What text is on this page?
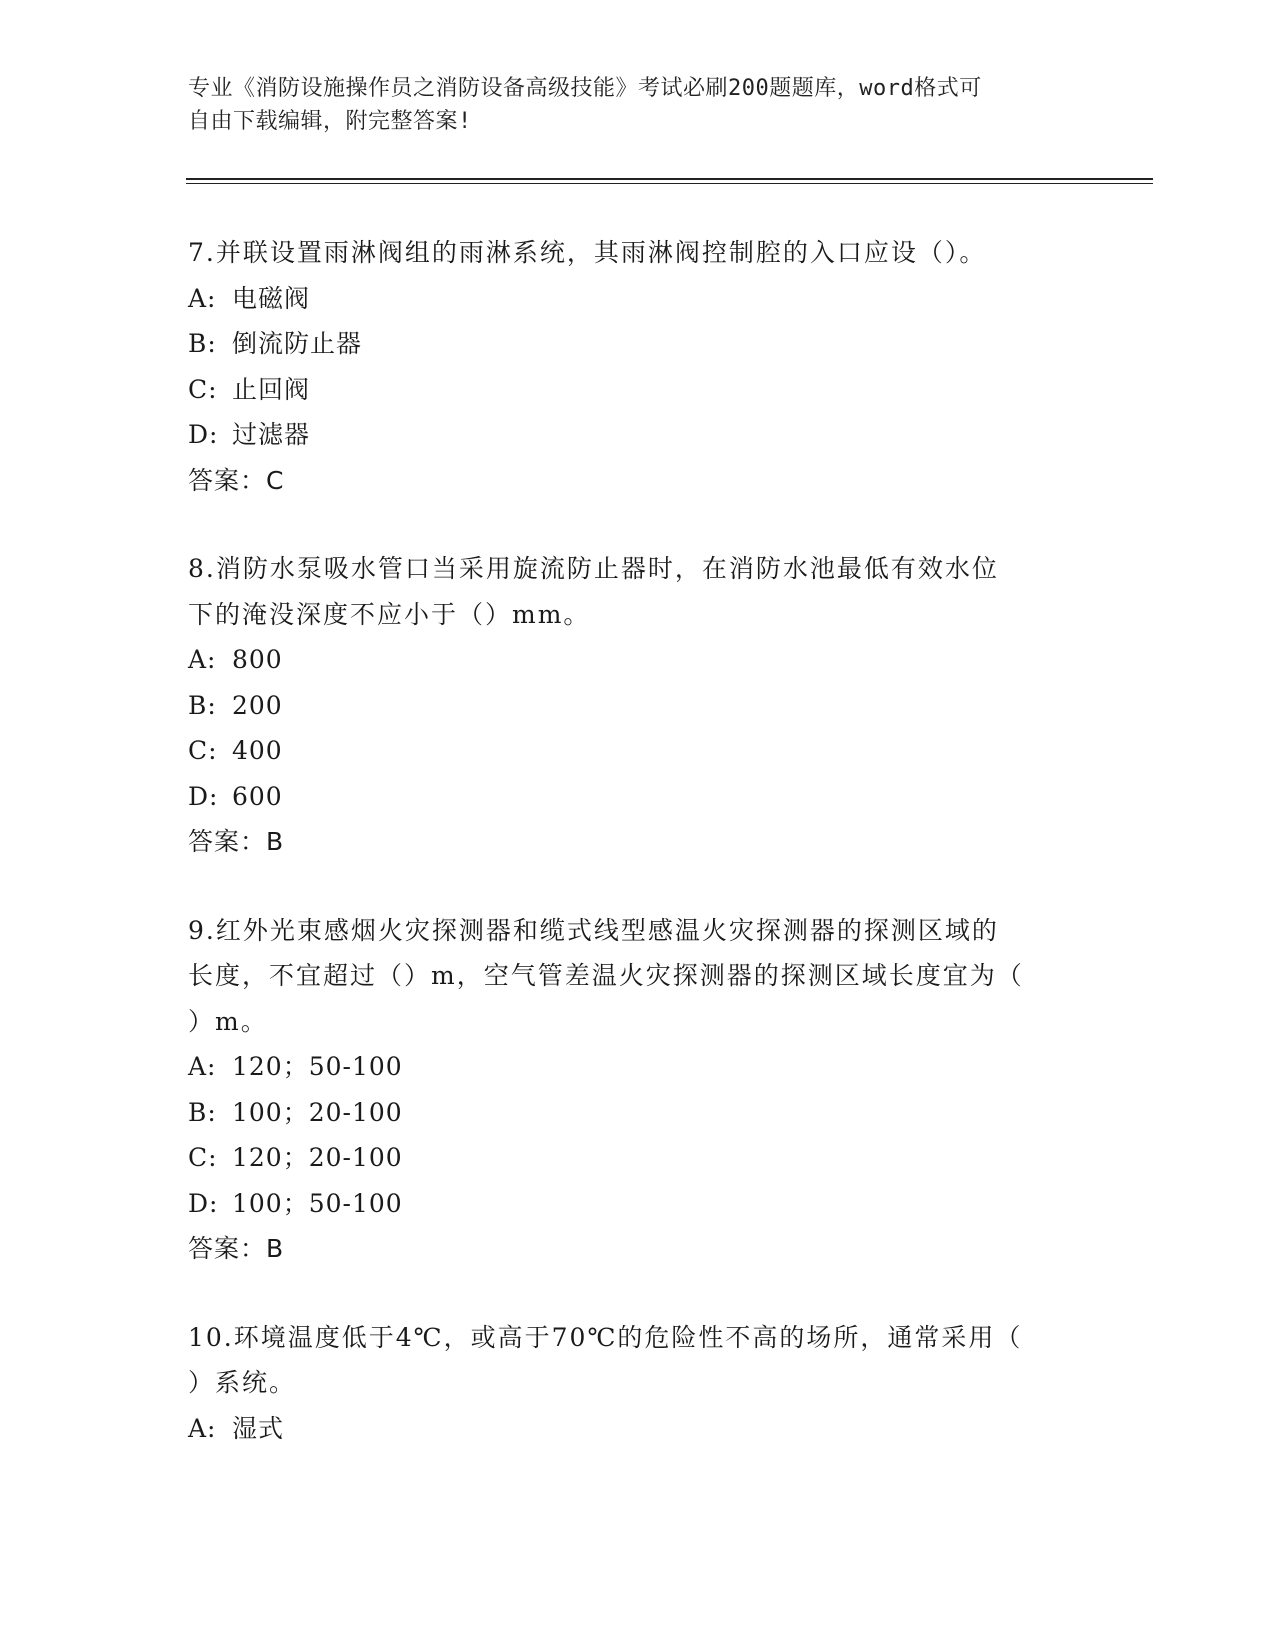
专业《消防设施操作员之消防设备高级技能》考试必刷200题题库，word格式可
自由下载编辑，附完整答案!
7.并联设置雨淋阀组的雨淋系统，其雨淋阀控制腔的入口应设（）。
A: 电磁阀
B: 倒流防止器
C: 止回阀
D: 过滤器
答案：C
8.消防水泵吸水管口当采用旋流防止器时，在消防水池最低有效水位
下的淹没深度不应小于（）mm。
A: 800
B: 200
C: 400
D: 600
答案：B
9.红外光束感烟火灾探测器和缆式线型感温火灾探测器的探测区域的
长度，不宜超过（）m，空气管差温火灾探测器的探测区域长度宜为（
）m。
A: 120；50-100
B: 100；20-100
C: 120；20-100
D: 100；50-100
答案：B
10.环境温度低于4℃，或高于70℃的危险性不高的场所，通常采用（
）系统。
A: 湿式
